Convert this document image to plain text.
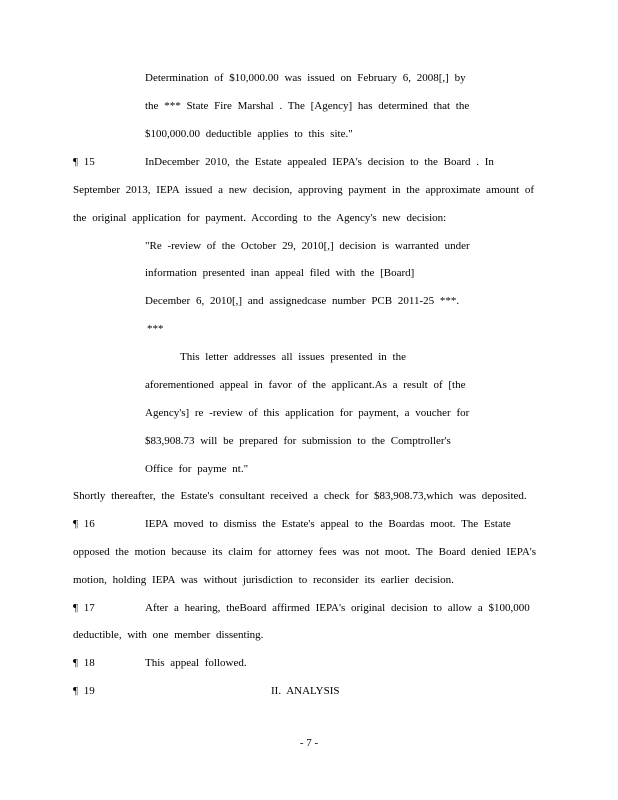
Determination of $10,000.00 was issued on February 6, 2008[,] by
the *** State Fire Marshal . The [Agency] has determined that the
$100,000.00 deductible applies to this site."
¶ 15	InDecember 2010, the Estate appealed IEPA's decision to the Board . In
September 2013, IEPA issued a new decision, approving payment in the approximate amount of
the original application for payment. According to the Agency's new decision:
"Re -review of the October 29, 2010[,] decision is warranted under
information presented inan appeal filed with the [Board]
December 6, 2010[,] and assignedcase number PCB 2011-25 ***.
***
This letter addresses all issues presented in the
aforementioned appeal in favor of the applicant.As a result of [the
Agency's] re -review of this application for payment, a voucher for
$83,908.73 will be prepared for submission to the Comptroller's
Office for payme nt."
Shortly thereafter, the Estate's consultant received a check for $83,908.73,which was deposited.
¶ 16	IEPA moved to dismiss the Estate's appeal to the Boardas moot. The Estate
opposed the motion because its claim for attorney fees was not moot. The Board denied IEPA's
motion, holding IEPA was without jurisdiction to reconsider its earlier decision.
¶ 17	After a hearing, theBoard affirmed IEPA's original decision to allow a $100,000
deductible, with one member dissenting.
¶ 18	This appeal followed.
¶ 19	II. ANALYSIS
- 7 -
